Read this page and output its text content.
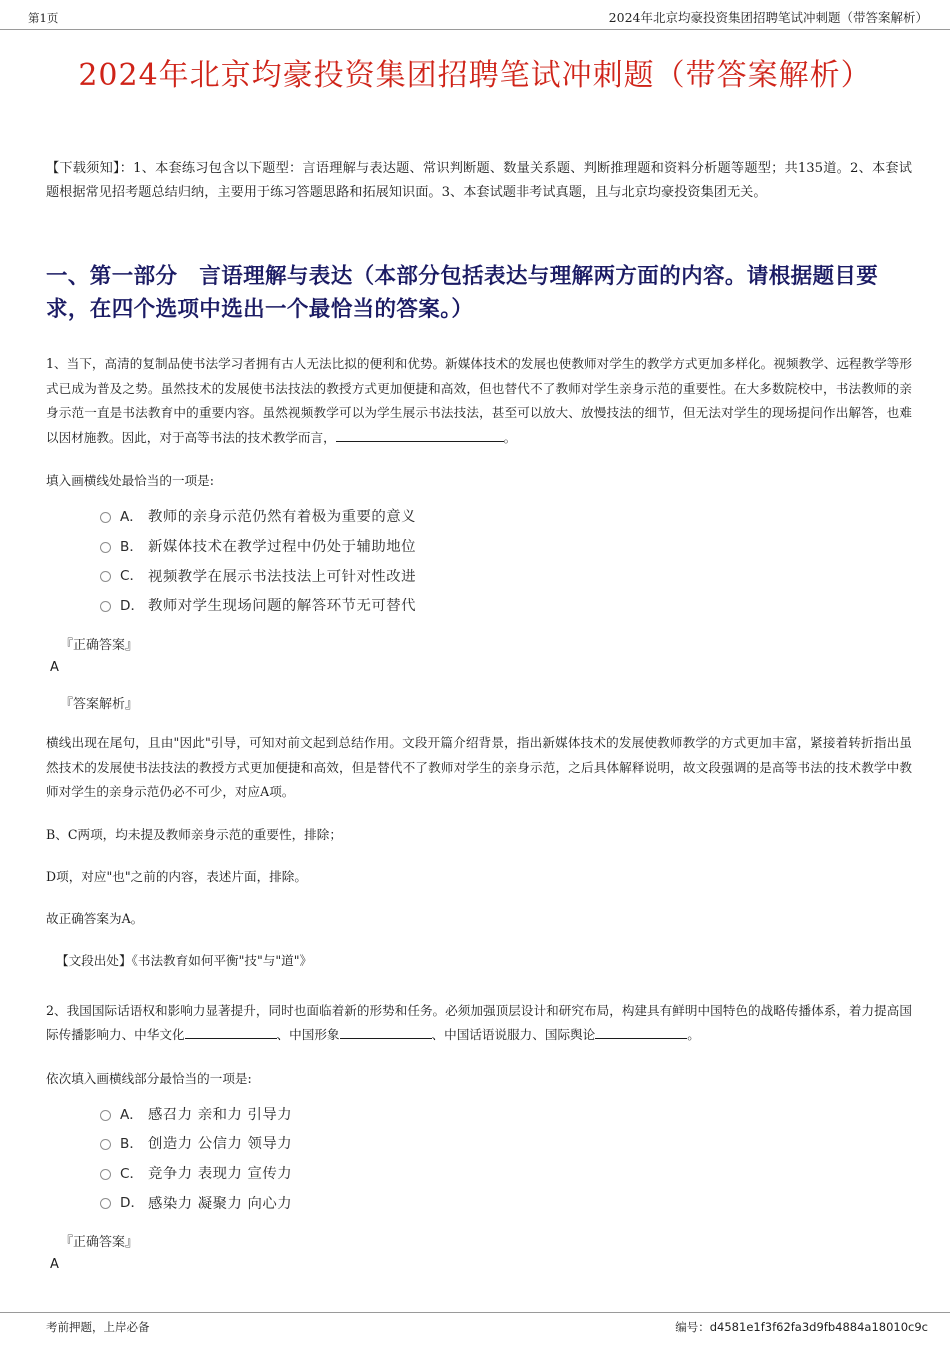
第1页	2024年北京均豪投资集团招聘笔试冲刺题（带答案解析）
2024年北京均豪投资集团招聘笔试冲刺题（带答案解析）

【下载须知】：1、本套练习包含以下题型：言语理解与表达题、常识判断题、数量关系题、判断推理题和资料分析题等题型；共135道。2、本套试题根据常见招考题总结归纳，主要用于练习答题思路和拓展知识面。3、本套试题非考试真题，且与北京均豪投资集团无关。

一、第一部分　言语理解与表达（本部分包括表达与理解两方面的内容。请根据题目要求，在四个选项中选出一个最恰当的答案。）

1、当下，高清的复制品使书法学习者拥有古人无法比拟的便利和优势。新媒体技术的发展也使教师对学生的教学方式更加多样化。视频教学、远程教学等形式已成为普及之势。虽然技术的发展使书法技法的教授方式更加便捷和高效，但也替代不了教师对学生亲身示范的重要性。在大多数院校中，书法教师的亲身示范一直是书法教育中的重要内容。虽然视频教学可以为学生展示书法技法，甚至可以放大、放慢技法的细节，但无法对学生的现场提问作出解答，也难以因材施教。因此，对于高等书法的技术教学而言，	。

填入画横线处最恰当的一项是:

A． 教师的亲身示范仍然有着极为重要的意义
B． 新媒体技术在教学过程中仍处于辅助地位
C． 视频教学在展示书法技法上可针对性改进
D． 教师对学生现场问题的解答环节无可替代
『正确答案』
A
『答案解析』

横线出现在尾句，且由"因此"引导，可知对前文起到总结作用。文段开篇介绍背景，指出新媒体技术的发展使教师教学的方式更加丰富，紧接着转折指出虽然技术的发展使书法技法的教授方式更加便捷和高效，但是替代不了教师对学生的亲身示范，之后具体解释说明，故文段强调的是高等书法的技术教学中教师对学生的亲身示范仍必不可少，对应A项。

B、C两项，均未提及教师亲身示范的重要性，排除；

D项，对应"也"之前的内容，表述片面，排除。

故正确答案为A。

【文段出处】《书法教育如何平衡"技"与"道"》

2、我国国际话语权和影响力显著提升，同时也面临着新的形势和任务。必须加强顶层设计和研究布局，构建具有鲜明中国特色的战略传播体系，着力提高国际传播影响力、中华文化	、中国形象	、中国话语说服力、国际舆论	。

依次填入画横线部分最恰当的一项是:

A． 感召力 亲和力 引导力
B． 创造力 公信力 领导力
C． 竞争力 表现力 宣传力
D． 感染力 凝聚力 向心力
『正确答案』
A
考前押题，上岸必备	编号：d4581e1f3f62fa3d9fb4884a18010c9c
